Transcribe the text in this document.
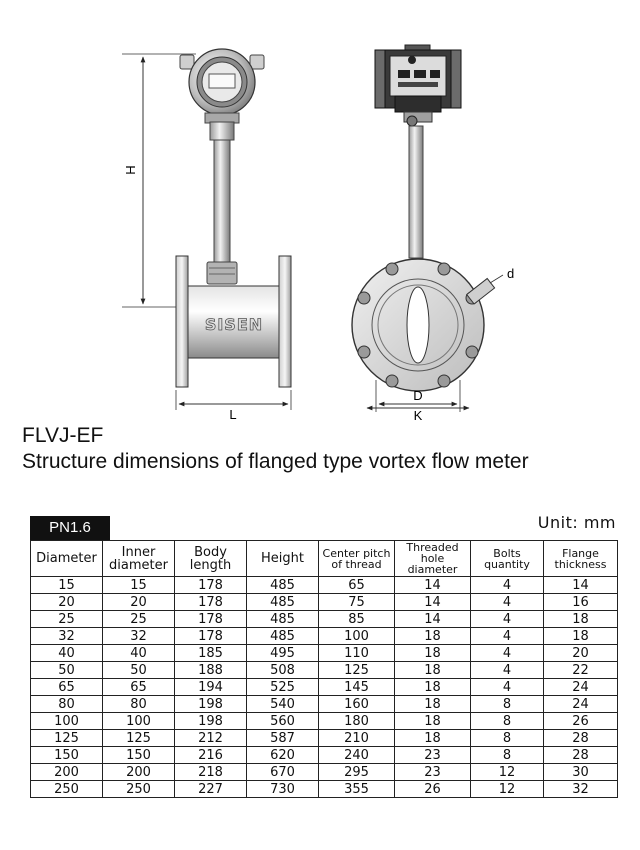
H
SISEN
L
d
D
K
FLVJ-EF
Structure dimensions of flanged type vortex flow meter
PN1.6	Unit: mm
Diameter	Inner diameter	Body length	Height	Center pitch of thread	Threaded hole diameter	Bolts quantity	Flange thickness
15	15	178	485	65	14	4	14
20	20	178	485	75	14	4	16
25	25	178	485	85	14	4	18
32	32	178	485	100	18	4	18
40	40	185	495	110	18	4	20
50	50	188	508	125	18	4	22
65	65	194	525	145	18	4	24
80	80	198	540	160	18	8	24
100	100	198	560	180	18	8	26
125	125	212	587	210	18	8	28
150	150	216	620	240	23	8	28
200	200	218	670	295	23	12	30
250	250	227	730	355	26	12	32
